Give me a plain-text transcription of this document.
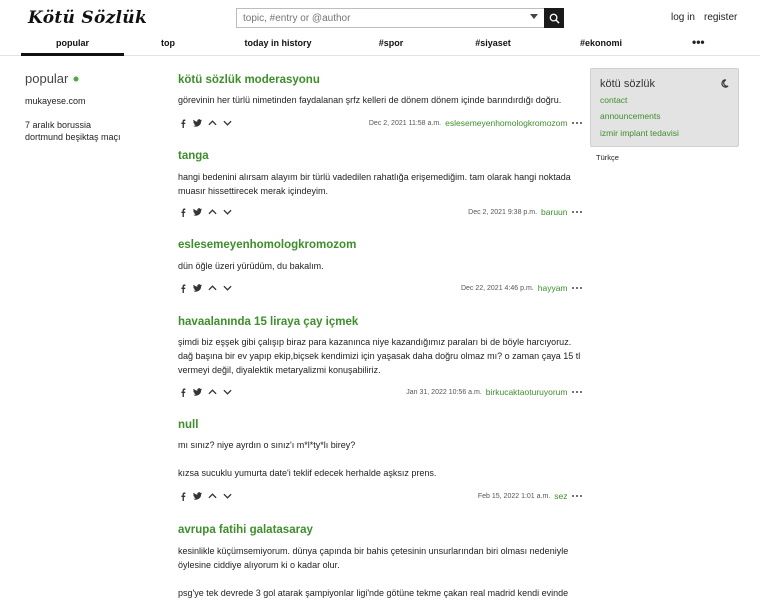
Kötü Sözlük
topic, #entry or @author	log in register
popular	top	today in history	#spor	#siyaset	#ekonomi	•••
popular
mukayese.com
7 aralık borussia dortmund beşiktaş maçı
kötü sözlük moderasyonu
görevinin her türlü nimetinden faydalanan şrfz kelleri de dönem dönem içinde barındırdığı doğru.
Dec 2, 2021 11:58 a.m. eslesemeyenhomologkromozom
tanga
hangi bedenini alırsam alayım bir türlü vadedilen rahatlığa erişemediğim. tam olarak hangi noktada
muasır hissettirecek merak içindeyim.
Dec 2, 2021 9:38 p.m. baruun
eslesemeyenhomologkromozom
dün öğle üzeri yürüdüm, du bakalım.
Dec 22, 2021 4:46 p.m. hayyam
havaalanında 15 liraya çay içmek
şimdi biz eşşek gibi çalışıp biraz para kazanınca niye kazandığımız paraları bi de böyle harcıyoruz.
dağ başına bir ev yapıp ekip,biçsek kendimizi için yaşasak daha doğru olmaz mı? o zaman çaya 15 tl
vermeyi değil, diyalektik metaryalizmi konuşabiliriz.
Jan 31, 2022 10:56 a.m. birkucaktaoturuyorum
null
mı sınız? niye ayrdın o sınız'ı m*l*ty*lı birey?
kızsa sucuklu yumurta date'i teklif edecek herhalde aşksız prens.
Feb 15, 2022 1:01 a.m. sez
avrupa fatihi galatasaray
kesinlikle küçümsemiyorum. dünya çapında bir bahis çetesinin unsurlarından biri olması nedeniyle
öylesine ciddiye alıyorum ki o kadar olur.
psg'ye tek devrede 3 gol atarak şampiyonlar ligi'nde götüne tekme çakan real madrid kendi evinde
kötü sözlük
contact
announcements
izmir implant tedavisi
Türkçe
